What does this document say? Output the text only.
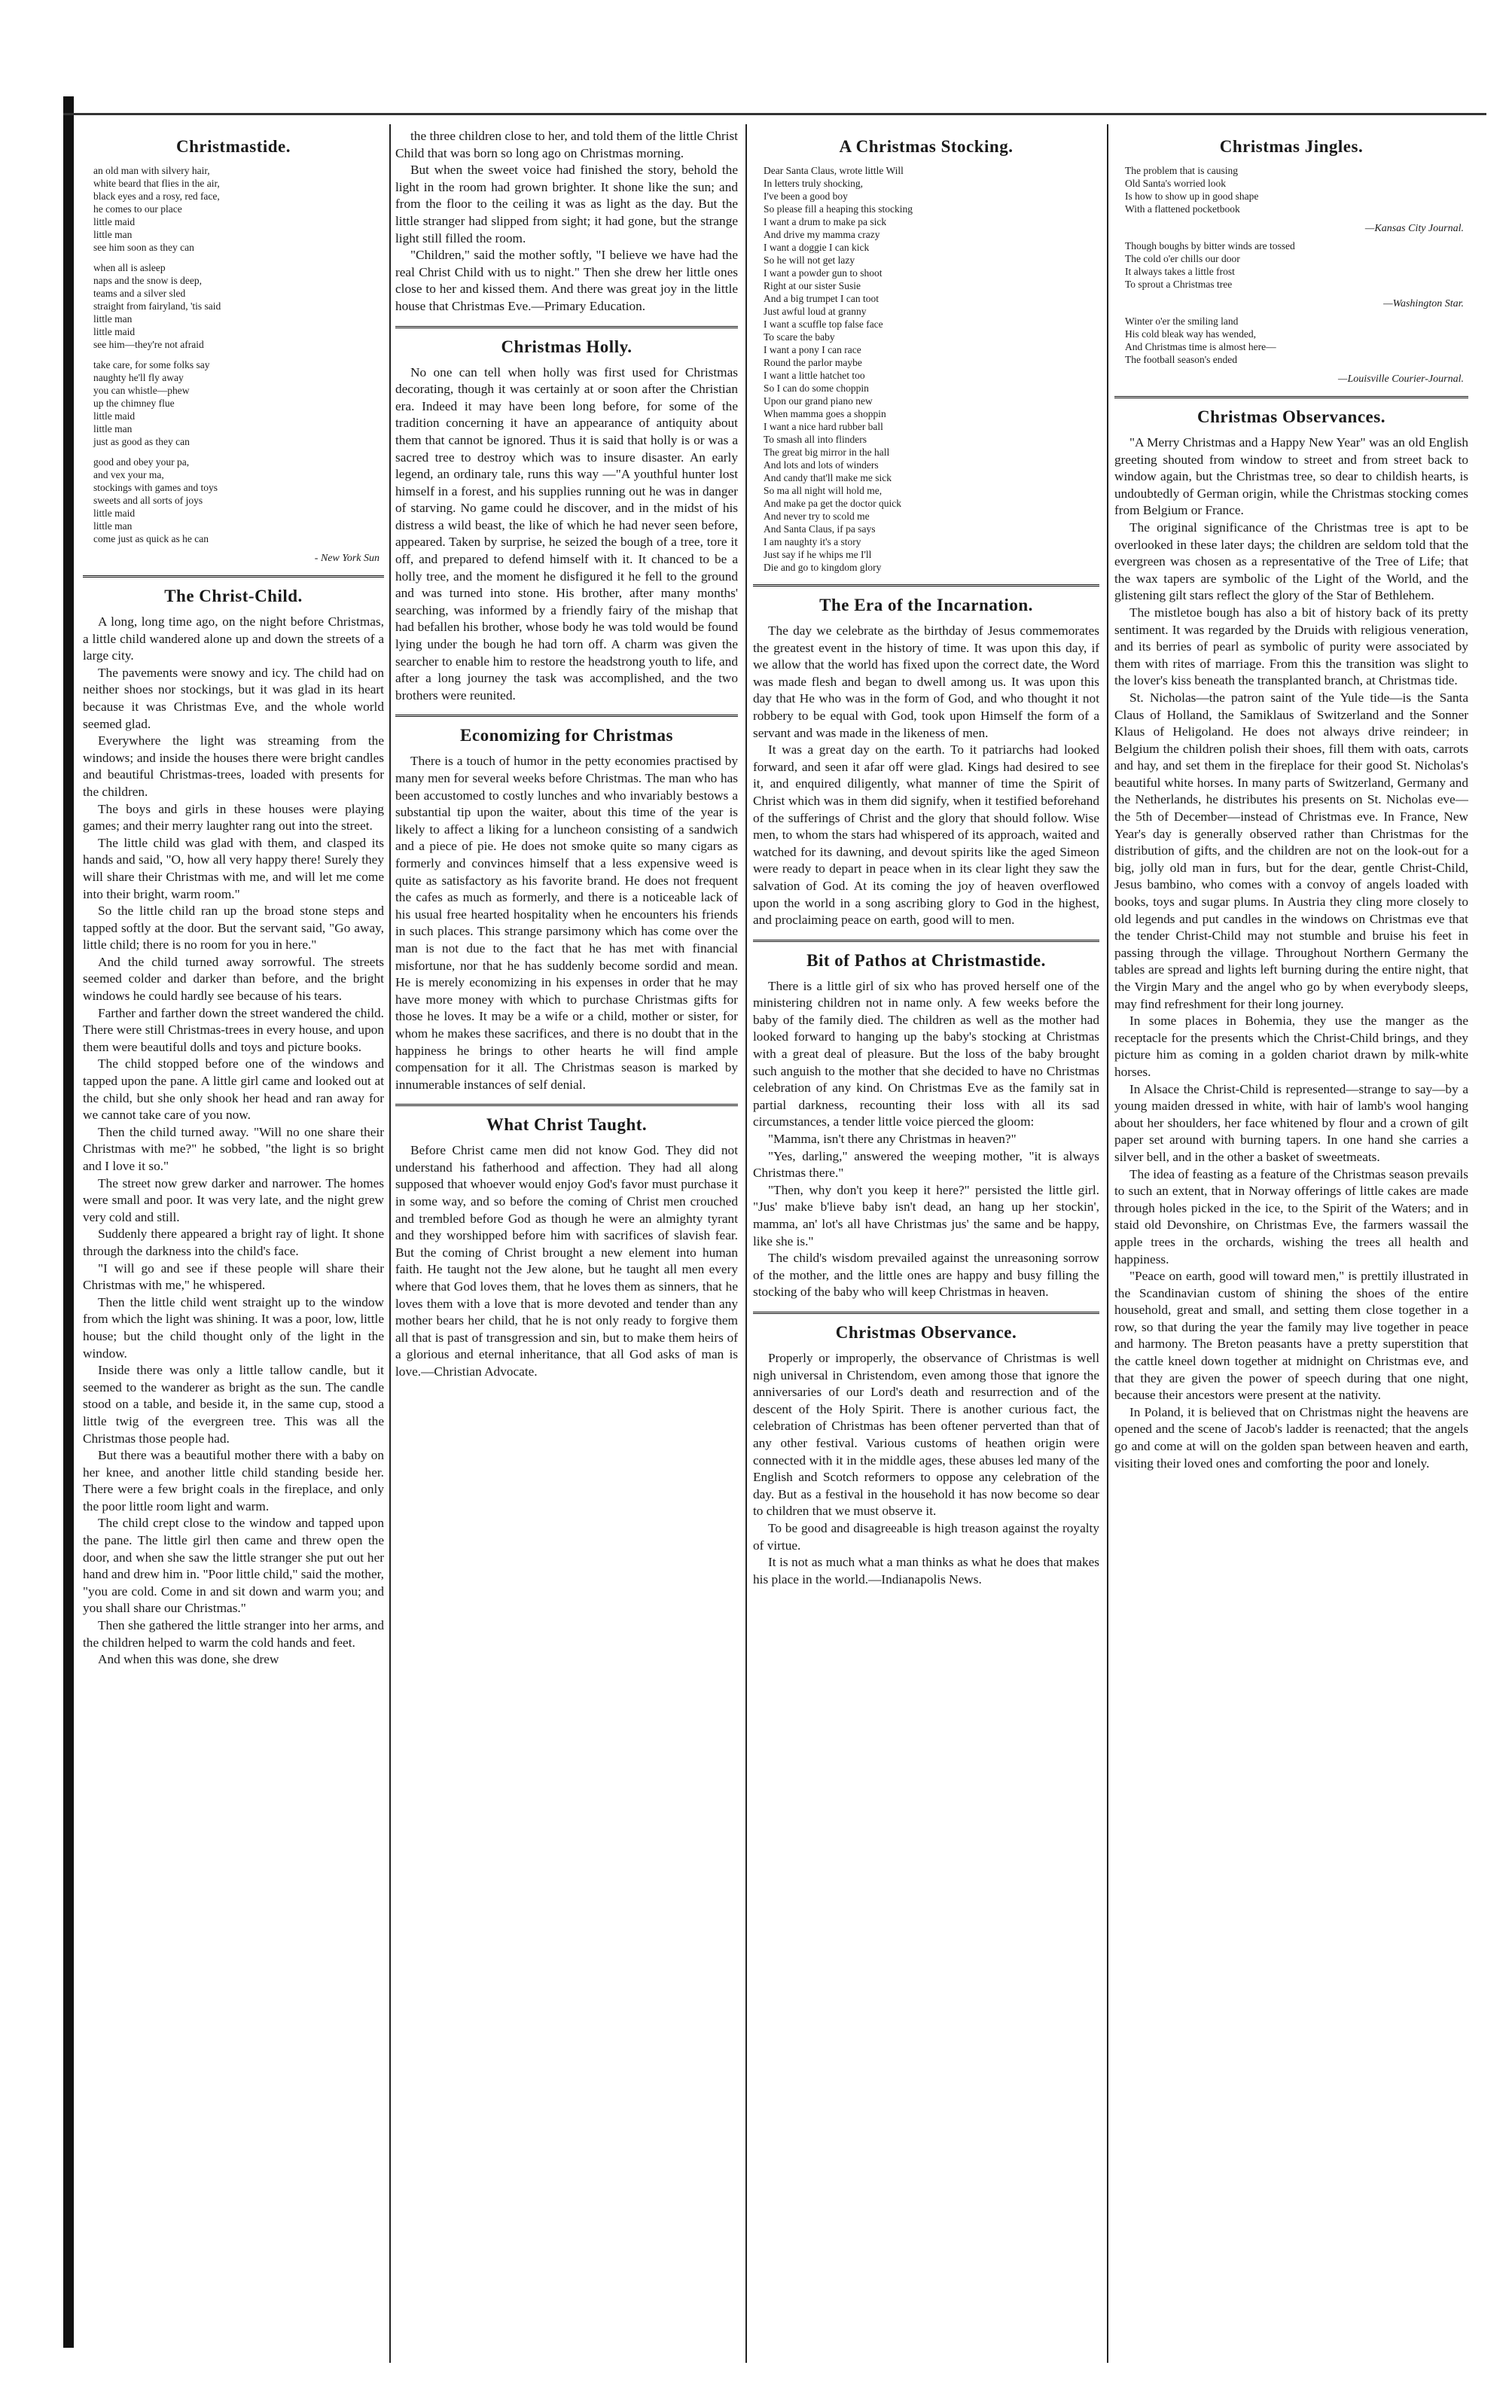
Christmastide.

an old man with silvery hair,
white beard that flies in the air,
black eyes and a rosy, red face,
he comes to our place
little maid
little man
see him soon as they can

when all is asleep
naps and the snow is deep,
teams and a silver sled
straight from fairyland, 'tis said
little man
little maid
see him—they're not afraid

take care, for some folks say
naughty he'll fly away
you can whistle—phew
up the chimney flue
little maid
little man
just as good as they can

good and obey your pa,
and vex your ma,
stockings with games and toys
sweets and all sorts of joys
little maid
little man
come just as quick as he can

- New York Sun
The Christ-Child.

A long, long time ago, on the night before Christmas, a little child wandered alone up and down the streets of a large city.

The pavements were snowy and icy. The child had on neither shoes nor stockings, but it was glad in its heart because it was Christmas Eve, and the whole world seemed glad.

Everywhere the light was streaming from the windows; and inside the houses there were bright candles and beautiful Christmas-trees, loaded with presents for the children.

The boys and girls in these houses were playing games; and their merry laughter rang out into the street.

The little child was glad with them, and clasped its hands and said, "O, how all very happy there! Surely they will share their Christmas with me, and will let me come into their bright, warm room."

So the little child ran up the broad stone steps and tapped softly at the door. But the servant said, "Go away, little child; there is no room for you in here."

And the child turned away sorrowful. The streets seemed colder and darker than before, and the bright windows he could hardly see because of his tears.

Farther and farther down the street wandered the child. There were still Christmas-trees in every house, and upon them were beautiful dolls and toys and picture books.

The child stopped before one of the windows and tapped upon the pane. A little girl came and looked out at the child, but she only shook her head and ran away for we cannot take care of you now.

Then the child turned away. "Will no one share their Christmas with me?" he sobbed, "the light is so bright and I love it so."

The street now grew darker and narrower. The homes were small and poor. It was very late, and the night grew very cold and still.

Suddenly there appeared a bright ray of light. It shone through the darkness into the child's face.

"I will go and see if these people will share their Christmas with me," he whispered.

Then the little child went straight up to the window from which the light was shining. It was a poor, low, little house; but the child thought only of the light in the window.

Inside there was only a little tallow candle, but it seemed to the wanderer as bright as the sun. The candle stood on a table, and beside it, in the same cup, stood a little twig of the evergreen tree. This was all the Christmas those people had.

But there was a beautiful mother there with a baby on her knee, and another little child standing beside her. There were a few bright coals in the fireplace, and only the poor little room light and warm.

The child crept close to the window and tapped upon the pane. The little girl then came and threw open the door, and when she saw the little stranger she put out her hand and drew him in. "Poor little child," said the mother, "you are cold. Come in and sit down and warm you; and you shall share our Christmas."

Then she gathered the little stranger into her arms, and the children helped to warm the cold hands and feet.

And when this was done, she drew

the three children close to her, and told them of the little Christ Child that was born so long ago on Christmas morning.

But when the sweet voice had finished the story, behold the light in the room had grown brighter. It shone like the sun; and from the floor to the ceiling it was as light as the day. But the little stranger had slipped from sight; it had gone, but the strange light still filled the room.

"Children," said the mother softly, "I believe we have had the real Christ Child with us to night." Then she drew her little ones close to her and kissed them. And there was great joy in the little house that Christmas Eve.—Primary Education.

Christmas Holly.

No one can tell when holly was first used for Christmas decorating, though it was certainly at or soon after the Christian era. Indeed it may have been long before, for some of the tradition concerning it have an appearance of antiquity about them that cannot be ignored. Thus it is said that holly is or was a sacred tree to destroy which was to insure disaster. An early legend, an ordinary tale, runs this way —"A youthful hunter lost himself in a forest, and his supplies running out he was in danger of starving. No game could he discover, and in the midst of his distress a wild beast, the like of which he had never seen before, appeared. Taken by surprise, he seized the bough of a tree, tore it off, and prepared to defend himself with it. It chanced to be a holly tree, and the moment he disfigured it he fell to the ground and was turned into stone. His brother, after many months' searching, was informed by a friendly fairy of the mishap that had befallen his brother, whose body he was told would be found lying under the bough he had torn off. A charm was given the searcher to enable him to restore the headstrong youth to life, and after a long journey the task was accomplished, and the two brothers were reunited.

Economizing for Christmas

There is a touch of humor in the petty economies practised by many men for several weeks before Christmas. The man who has been accustomed to costly lunches and who invariably bestows a substantial tip upon the waiter, about this time of the year is likely to affect a liking for a luncheon consisting of a sandwich and a piece of pie. He does not smoke quite so many cigars as formerly and convinces himself that a less expensive weed is quite as satisfactory as his favorite brand. He does not frequent the cafes as much as formerly, and there is a noticeable lack of his usual free hearted hospitality when he encounters his friends in such places. This strange parsimony which has come over the man is not due to the fact that he has met with financial misfortune, nor that he has suddenly become sordid and mean. He is merely economizing in his expenses in order that he may have more money with which to purchase Christmas gifts for those he loves. It may be a wife or a child, mother or sister, for whom he makes these sacrifices, and there is no doubt that in the happiness he brings to other hearts he will find ample compensation for it all. The Christmas season is marked by innumerable instances of self denial.

What Christ Taught.

Before Christ came men did not know God. They did not understand his fatherhood and affection. They had all along supposed that whoever would enjoy God's favor must purchase it in some way, and so before the coming of Christ men crouched and trembled before God as though he were an almighty tyrant and they worshipped before him with sacrifices of slavish fear. But the coming of Christ brought a new element into human faith. He taught not the Jew alone, but he taught all men every where that God loves them, that he loves them as sinners, that he loves them with a love that is more devoted and tender than any mother bears her child, that he is not only ready to forgive them all that is past of transgression and sin, but to make them heirs of a glorious and eternal inheritance, that all God asks of man is love.—Christian Advocate.

A Christmas Stocking.

Dear Santa Claus, wrote little Will
In letters truly shocking,
I've been a good boy
So please fill a heaping this stocking
I want a drum to make pa sick
And drive my mamma crazy
I want a doggie I can kick
So he will not get lazy
I want a powder gun to shoot
Right at our sister Susie
And a big trumpet I can toot
Just awful loud at granny
I want a scuffle top false face
To scare the baby
I want a pony I can race
Round the parlor maybe
I want a little hatchet too
So I can do some choppin
Upon our grand piano new
When mamma goes a shoppin
I want a nice hard rubber ball
To smash all into flinders
The great big mirror in the hall
And lots and lots of winders
And candy that'll make me sick
So ma all night will hold me,
And make pa get the doctor quick
And never try to scold me
And Santa Claus, if pa says
I am naughty it's a story
Just say if he whips me I'll
Die and go to kingdom glory

The Era of the Incarnation.

The day we celebrate as the birthday of Jesus commemorates the greatest event in the history of time. It was upon this day, if we allow that the world has fixed upon the correct date, the Word was made flesh and began to dwell among us. It was upon this day that He who was in the form of God, and who thought it not robbery to be equal with God, took upon Himself the form of a servant and was made in the likeness of men.

It was a great day on the earth. To it patriarchs had looked forward, and seen it afar off were glad. Kings had desired to see it, and enquired diligently, what manner of time the Spirit of Christ which was in them did signify, when it testified beforehand of the sufferings of Christ and the glory that should follow. Wise men, to whom the stars had whispered of its approach, waited and watched for its dawning, and devout spirits like the aged Simeon were ready to depart in peace when in its clear light they saw the salvation of God. At its coming the joy of heaven overflowed upon the world in a song ascribing glory to God in the highest, and proclaiming peace on earth, good will to men.

Bit of Pathos at Christmastide.

There is a little girl of six who has proved herself one of the ministering children not in name only. A few weeks before the baby of the family died. The children as well as the mother had looked forward to hanging up the baby's stocking at Christmas with a great deal of pleasure. But the loss of the baby brought such anguish to the mother that she decided to have no Christmas celebration of any kind. On Christmas Eve as the family sat in partial darkness, recounting their loss with all its sad circumstances, a tender little voice pierced the gloom:

"Mamma, isn't there any Christmas in heaven?"

"Yes, darling," answered the weeping mother, "it is always Christmas there."

"Then, why don't you keep it here?" persisted the little girl. "Jus' make b'lieve baby isn't dead, an hang up her stockin', mamma, an' lot's all have Christmas jus' the same and be happy, like she is."

The child's wisdom prevailed against the unreasoning sorrow of the mother, and the little ones are happy and busy filling the stocking of the baby who will keep Christmas in heaven.

Christmas Observance.

Properly or improperly, the observance of Christmas is well nigh universal in Christendom, even among those that ignore the anniversaries of our Lord's death and resurrection and of the descent of the Holy Spirit. There is another curious fact, the celebration of Christmas has been oftener perverted than that of any other festival. Various customs of heathen origin were connected with it in the middle ages, these abuses led many of the English and Scotch reformers to oppose any celebration of the day. But as a festival in the household it has now become so dear to children that we must observe it.

To be good and disagreeable is high treason against the royalty of virtue.

It is not as much what a man thinks as what he does that makes his place in the world.—Indianapolis News.

Christmas Jingles.

The problem that is causing
Old Santa's worried look
Is how to show up in good shape
With a flattened pocketbook

—Kansas City Journal.

Though boughs by bitter winds are tossed
The cold o'er chills our door
It always takes a little frost
To sprout a Christmas tree

—Washington Star.

Winter o'er the smiling land
His cold bleak way has wended,
And Christmas time is almost here—
The football season's ended

—Louisville Courier-Journal.
Christmas Observances.

"A Merry Christmas and a Happy New Year" was an old English greeting shouted from window to street and from street back to window again, but the Christmas tree, so dear to childish hearts, is undoubtedly of German origin, while the Christmas stocking comes from Belgium or France.

The original significance of the Christmas tree is apt to be overlooked in these later days; the children are seldom told that the evergreen was chosen as a representative of the Tree of Life; that the wax tapers are symbolic of the Light of the World, and the glistening gilt stars reflect the glory of the Star of Bethlehem.

The mistletoe bough has also a bit of history back of its pretty sentiment. It was regarded by the Druids with religious veneration, and its berries of pearl as symbolic of purity were associated by them with rites of marriage. From this the transition was slight to the lover's kiss beneath the transplanted branch, at Christmas tide.

St. Nicholas—the patron saint of the Yule tide—is the Santa Claus of Holland, the Samiklaus of Switzerland and the Sonner Klaus of Heligoland. He does not always drive reindeer; in Belgium the children polish their shoes, fill them with oats, carrots and hay, and set them in the fireplace for their good St. Nicholas's beautiful white horses. In many parts of Switzerland, Germany and the Netherlands, he distributes his presents on St. Nicholas eve—the 5th of December—instead of Christmas eve. In France, New Year's day is generally observed rather than Christmas for the distribution of gifts, and the children are not on the look-out for a big, jolly old man in furs, but for the dear, gentle Christ-Child, Jesus bambino, who comes with a convoy of angels loaded with books, toys and sugar plums. In Austria they cling more closely to old legends and put candles in the windows on Christmas eve that the tender Christ-Child may not stumble and bruise his feet in passing through the village. Throughout Northern Germany the tables are spread and lights left burning during the entire night, that the Virgin Mary and the angel who go by when everybody sleeps, may find refreshment for their long journey.

In some places in Bohemia, they use the manger as the receptacle for the presents which the Christ-Child brings, and they picture him as coming in a golden chariot drawn by milk-white horses.

In Alsace the Christ-Child is represented—strange to say—by a young maiden dressed in white, with hair of lamb's wool hanging about her shoulders, her face whitened by flour and a crown of gilt paper set around with burning tapers. In one hand she carries a silver bell, and in the other a basket of sweetmeats.

The idea of feasting as a feature of the Christmas season prevails to such an extent, that in Norway offerings of little cakes are made through holes picked in the ice, to the Spirit of the Waters; and in staid old Devonshire, on Christmas Eve, the farmers wassail the apple trees in the orchards, wishing the trees all health and happiness.

"Peace on earth, good will toward men," is prettily illustrated in the Scandinavian custom of shining the shoes of the entire household, great and small, and setting them close together in a row, so that during the year the family may live together in peace and harmony. The Breton peasants have a pretty superstition that the cattle kneel down together at midnight on Christmas eve, and that they are given the power of speech during that one night, because their ancestors were present at the nativity.

In Poland, it is believed that on Christmas night the heavens are opened and the scene of Jacob's ladder is reenacted; that the angels go and come at will on the golden span between heaven and earth, visiting their loved ones and comforting the poor and lonely.
